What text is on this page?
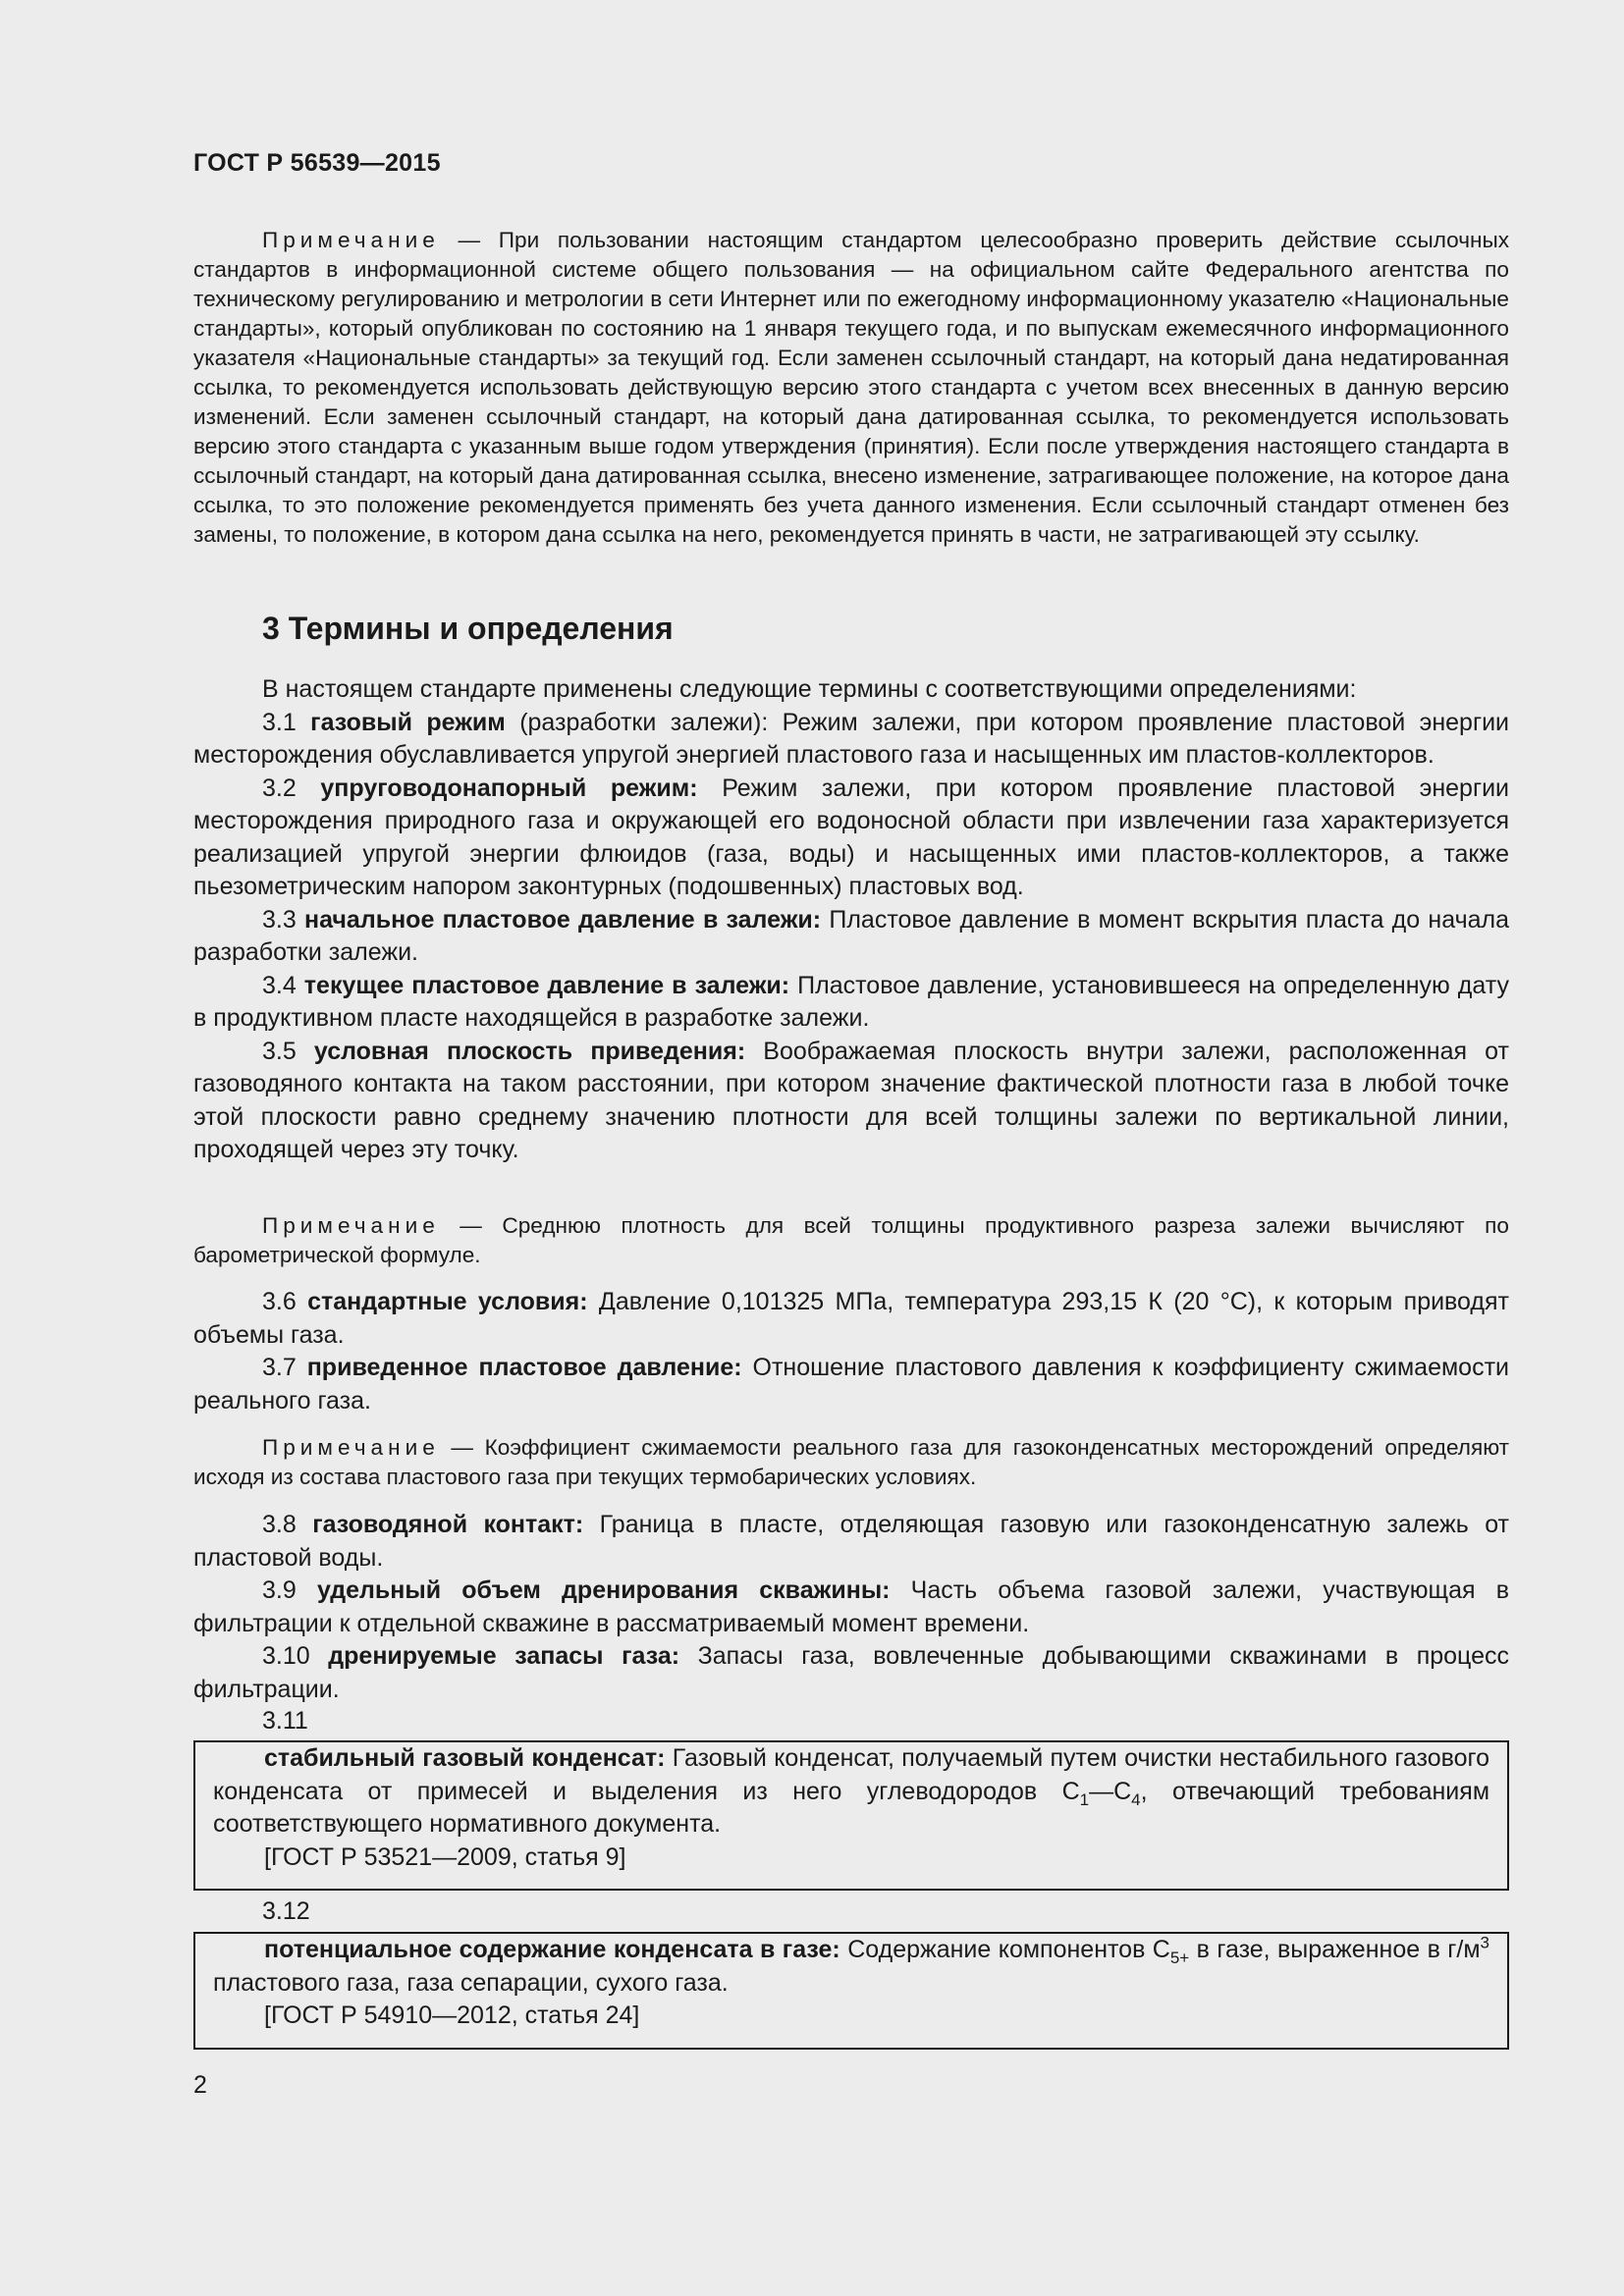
ГОСТ Р 56539—2015
Примечание — При пользовании настоящим стандартом целесообразно проверить действие ссылочных стандартов в информационной системе общего пользования — на официальном сайте Федерального агентства по техническому регулированию и метрологии в сети Интернет или по ежегодному информационному указателю «Национальные стандарты», который опубликован по состоянию на 1 января текущего года, и по выпускам ежемесячного информационного указателя «Национальные стандарты» за текущий год. Если заменен ссылочный стандарт, на который дана недатированная ссылка, то рекомендуется использовать действующую версию этого стандарта с учетом всех внесенных в данную версию изменений. Если заменен ссылочный стандарт, на который дана датированная ссылка, то рекомендуется использовать версию этого стандарта с указанным выше годом утверждения (принятия). Если после утверждения настоящего стандарта в ссылочный стандарт, на который дана датированная ссылка, внесено изменение, затрагивающее положение, на которое дана ссылка, то это положение рекомендуется применять без учета данного изменения. Если ссылочный стандарт отменен без замены, то положение, в котором дана ссылка на него, рекомендуется принять в части, не затрагивающей эту ссылку.
3 Термины и определения

В настоящем стандарте применены следующие термины с соответствующими определениями:

3.1 газовый режим (разработки залежи): Режим залежи, при котором проявление пластовой энергии месторождения обуславливается упругой энергией пластового газа и насыщенных им пластов-коллекторов.

3.2 упруговодонапорный режим: Режим залежи, при котором проявление пластовой энергии месторождения природного газа и окружающей его водоносной области при извлечении газа характеризуется реализацией упругой энергии флюидов (газа, воды) и насыщенных ими пластов-коллекторов, а также пьезометрическим напором законтурных (подошвенных) пластовых вод.

3.3 начальное пластовое давление в залежи: Пластовое давление в момент вскрытия пласта до начала разработки залежи.

3.4 текущее пластовое давление в залежи: Пластовое давление, установившееся на определенную дату в продуктивном пласте находящейся в разработке залежи.

3.5 условная плоскость приведения: Воображаемая плоскость внутри залежи, расположенная от газоводяного контакта на таком расстоянии, при котором значение фактической плотности газа в любой точке этой плоскости равно среднему значению плотности для всей толщины залежи по вертикальной линии, проходящей через эту точку.

Примечание — Среднюю плотность для всей толщины продуктивного разреза залежи вычисляют по барометрической формуле.

3.6 стандартные условия: Давление 0,101325 МПа, температура 293,15 К (20 °С), к которым приводят объемы газа.

3.7 приведенное пластовое давление: Отношение пластового давления к коэффициенту сжимаемости реального газа.

Примечание — Коэффициент сжимаемости реального газа для газоконденсатных месторождений определяют исходя из состава пластового газа при текущих термобарических условиях.

3.8 газоводяной контакт: Граница в пласте, отделяющая газовую или газоконденсатную залежь от пластовой воды.

3.9 удельный объем дренирования скважины: Часть объема газовой залежи, участвующая в фильтрации к отдельной скважине в рассматриваемый момент времени.

3.10 дренируемые запасы газа: Запасы газа, вовлеченные добывающими скважинами в процесс фильтрации.

3.11

стабильный газовый конденсат: Газовый конденсат, получаемый путем очистки нестабильного газового конденсата от примесей и выделения из него углеводородов $С_1—С_4$, отвечающий требованиям соответствующего нормативного документа.

[ГОСТ Р 53521—2009, статья 9]

3.12

потенциальное содержание конденсата в газе: Содержание компонентов $С_{5+}$ в газе, выраженное в $г/м^3$ пластового газа, газа сепарации, сухого газа.

[ГОСТ Р 54910—2012, статья 24]

2
